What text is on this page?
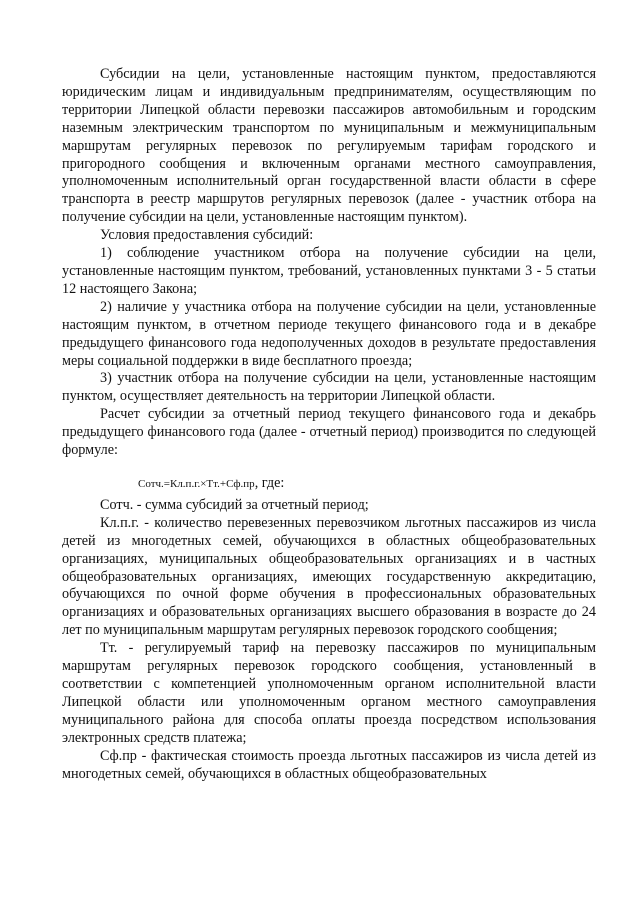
Субсидии на цели, установленные настоящим пунктом, предоставляются юридическим лицам и индивидуальным предпринимателям, осуществляющим по территории Липецкой области перевозки пассажиров автомобильным и городским наземным электрическим транспортом по муниципальным и межмуниципальным маршрутам регулярных перевозок по регулируемым тарифам городского и пригородного сообщения и включенным органами местного самоуправления, уполномоченным исполнительный орган государственной власти области в сфере транспорта в реестр маршрутов регулярных перевозок (далее - участник отбора на получение субсидии на цели, установленные настоящим пунктом).

Условия предоставления субсидий:

1) соблюдение участником отбора на получение субсидии на цели, установленные настоящим пунктом, требований, установленных пунктами 3 - 5 статьи 12 настоящего Закона;

2) наличие у участника отбора на получение субсидии на цели, установленные настоящим пунктом, в отчетном периоде текущего финансового года и в декабре предыдущего финансового года недополученных доходов в результате предоставления меры социальной поддержки в виде бесплатного проезда;

3) участник отбора на получение субсидии на цели, установленные настоящим пунктом, осуществляет деятельность на территории Липецкой области.

Расчет субсидии за отчетный период текущего финансового года и декабрь предыдущего финансового года (далее - отчетный период) производится по следующей формуле:

Сотч.=Кл.п.г.×Тт.+Сф.пр, где:

Сотч. - сумма субсидий за отчетный период;

Кл.п.г. - количество перевезенных перевозчиком льготных пассажиров из числа детей из многодетных семей, обучающихся в областных общеобразовательных организациях, муниципальных общеобразовательных организациях и в частных общеобразовательных организациях, имеющих государственную аккредитацию, обучающихся по очной форме обучения в профессиональных образовательных организациях и образовательных организациях высшего образования в возрасте до 24 лет по муниципальным маршрутам регулярных перевозок городского сообщения;

Тт. - регулируемый тариф на перевозку пассажиров по муниципальным маршрутам регулярных перевозок городского сообщения, установленный в соответствии с компетенцией уполномоченным органом исполнительной власти Липецкой области или уполномоченным органом местного самоуправления муниципального района для способа оплаты проезда посредством использования электронных средств платежа;

Сф.пр - фактическая стоимость проезда льготных пассажиров из числа детей из многодетных семей, обучающихся в областных общеобразовательных
